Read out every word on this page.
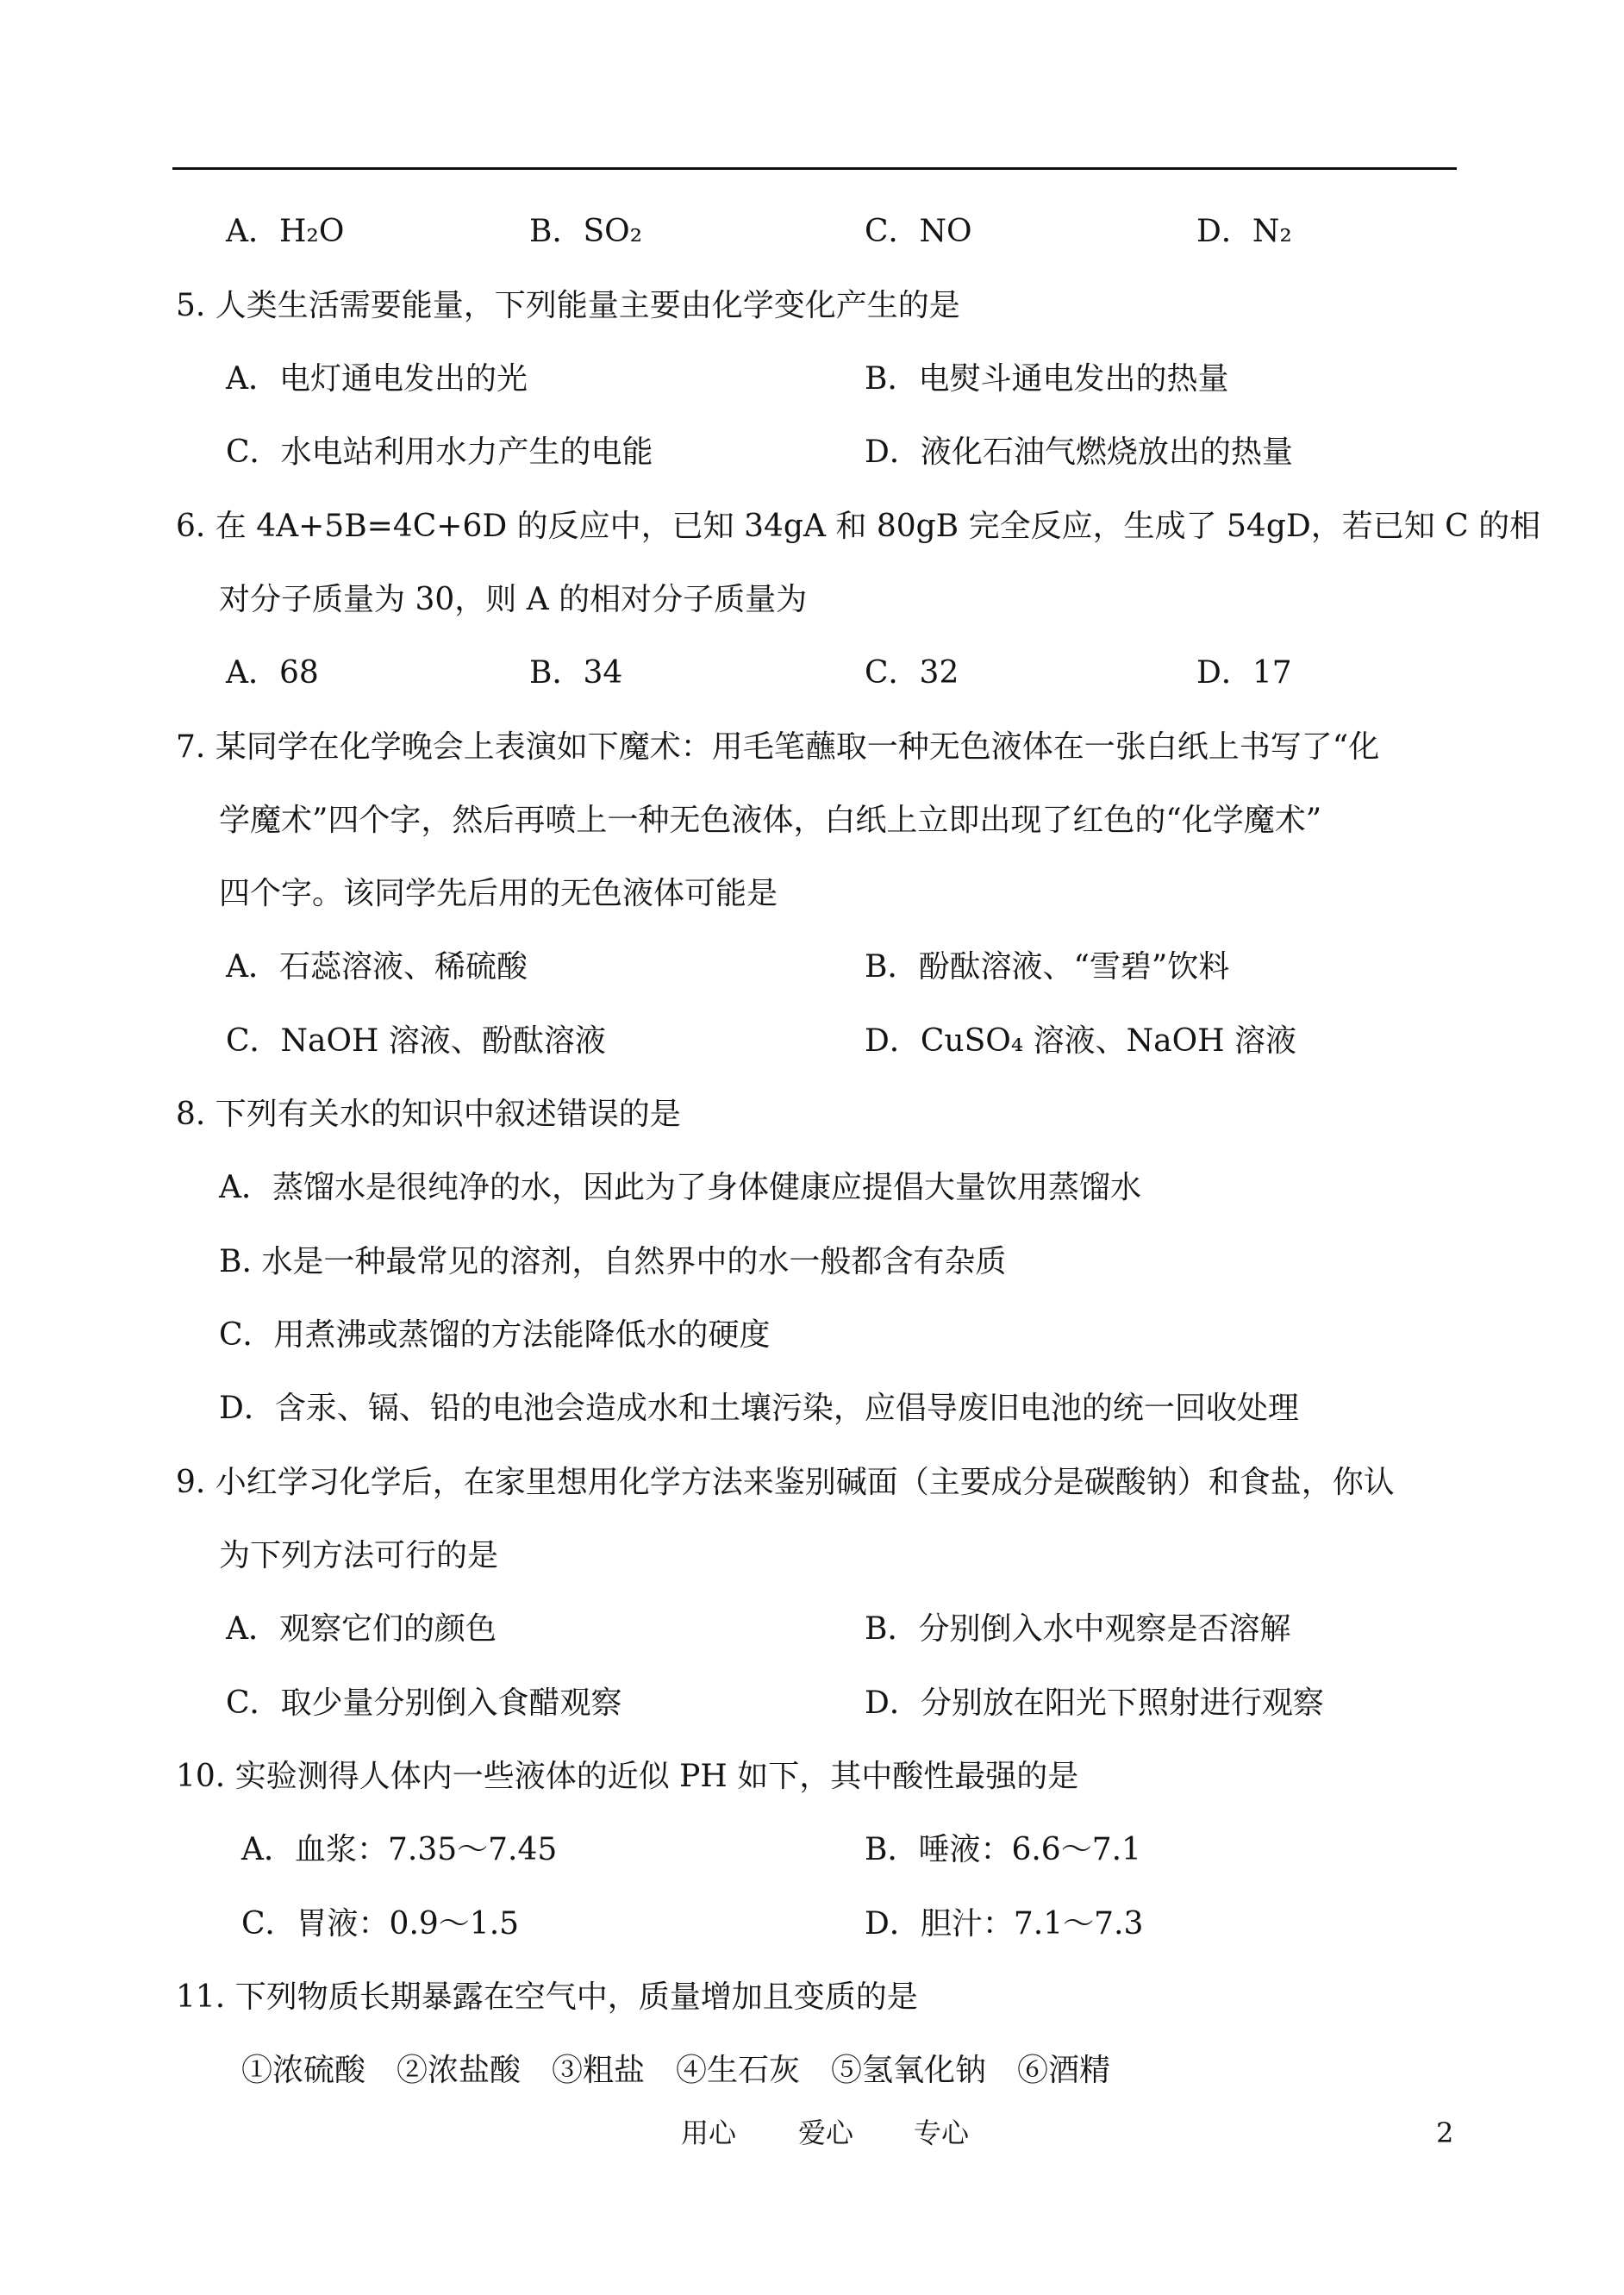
A．H₂O	B．SO₂	C．NO	D．N₂
5. 人类生活需要能量，下列能量主要由化学变化产生的是
A．电灯通电发出的光	B．电熨斗通电发出的热量
C．水电站利用水力产生的电能	D．液化石油气燃烧放出的热量
6. 在 4A+5B=4C+6D 的反应中，已知 34gA 和 80gB 完全反应，生成了 54gD，若已知 C 的相
对分子质量为 30，则 A 的相对分子质量为
A．68	B．34	C．32	D．17
7. 某同学在化学晚会上表演如下魔术：用毛笔蘸取一种无色液体在一张白纸上书写了“化
学魔术”四个字，然后再喷上一种无色液体，白纸上立即出现了红色的“化学魔术”
四个字。该同学先后用的无色液体可能是
A．石蕊溶液、稀硫酸	B．酚酞溶液、“雪碧”饮料
C．NaOH 溶液、酚酞溶液	D．CuSO₄ 溶液、NaOH 溶液
8. 下列有关水的知识中叙述错误的是
A．蒸馏水是很纯净的水，因此为了身体健康应提倡大量饮用蒸馏水
B. 水是一种最常见的溶剂，自然界中的水一般都含有杂质
C．用煮沸或蒸馏的方法能降低水的硬度
D．含汞、镉、铅的电池会造成水和土壤污染，应倡导废旧电池的统一回收处理
9. 小红学习化学后，在家里想用化学方法来鉴别碱面（主要成分是碳酸钠）和食盐，你认
为下列方法可行的是
A．观察它们的颜色	B．分别倒入水中观察是否溶解
C．取少量分别倒入食醋观察	D．分别放在阳光下照射进行观察
10. 实验测得人体内一些液体的近似 PH 如下，其中酸性最强的是
A．血浆：7.35～7.45	B．唾液：6.6～7.1
C．胃液：0.9～1.5	D．胆汁：7.1～7.3
11. 下列物质长期暴露在空气中，质量增加且变质的是
①浓硫酸　②浓盐酸　③粗盐　④生石灰　⑤氢氧化钠　⑥酒精
用心 爱心 专心	2
